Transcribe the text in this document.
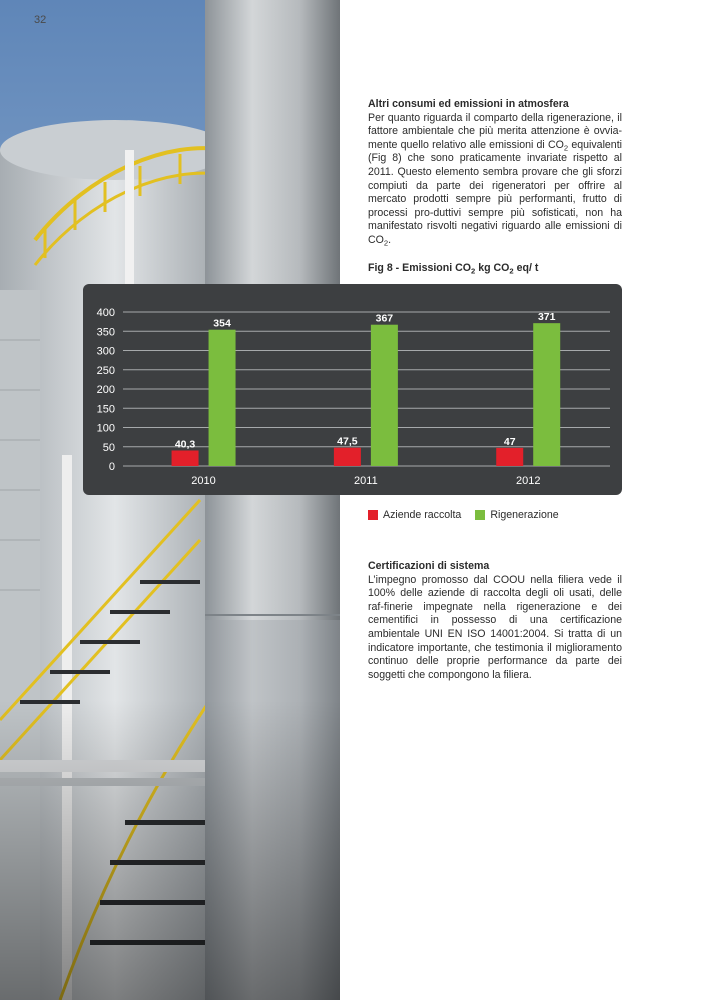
32
Altri consumi ed emissioni in atmosfera

Per quanto riguarda il comparto della rigenerazione, il fattore ambientale che più merita attenzione è ovvia-mente quello relativo alle emissioni di $CO_2$ equivalenti (Fig 8) che sono praticamente invariate rispetto al 2011. Questo elemento sembra provare che gli sforzi compiuti da parte dei rigeneratori per offrire al mercato prodotti sempre più performanti, frutto di processi pro-duttivi sempre più sofisticati, non ha manifestato risvolti negativi riguardo alle emissioni di $CO_2$.

Fig 8 - Emissioni $CO_2$ kg $CO_2$ eq/ t
0
50
100
150
200
250
300
350
400
40,3
354
2010
47,5
367
2011
47
371
2012
Aziende raccolta	Rigenerazione
Certificazioni di sistema

L’impegno promosso dal COOU nella filiera vede il 100% delle aziende di raccolta degli oli usati, delle raf-finerie impegnate nella rigenerazione e dei cementifici in possesso di una certificazione ambientale UNI EN ISO 14001:2004. Si tratta di un indicatore importante, che testimonia il miglioramento continuo delle proprie performance da parte dei soggetti che compongono la filiera.
